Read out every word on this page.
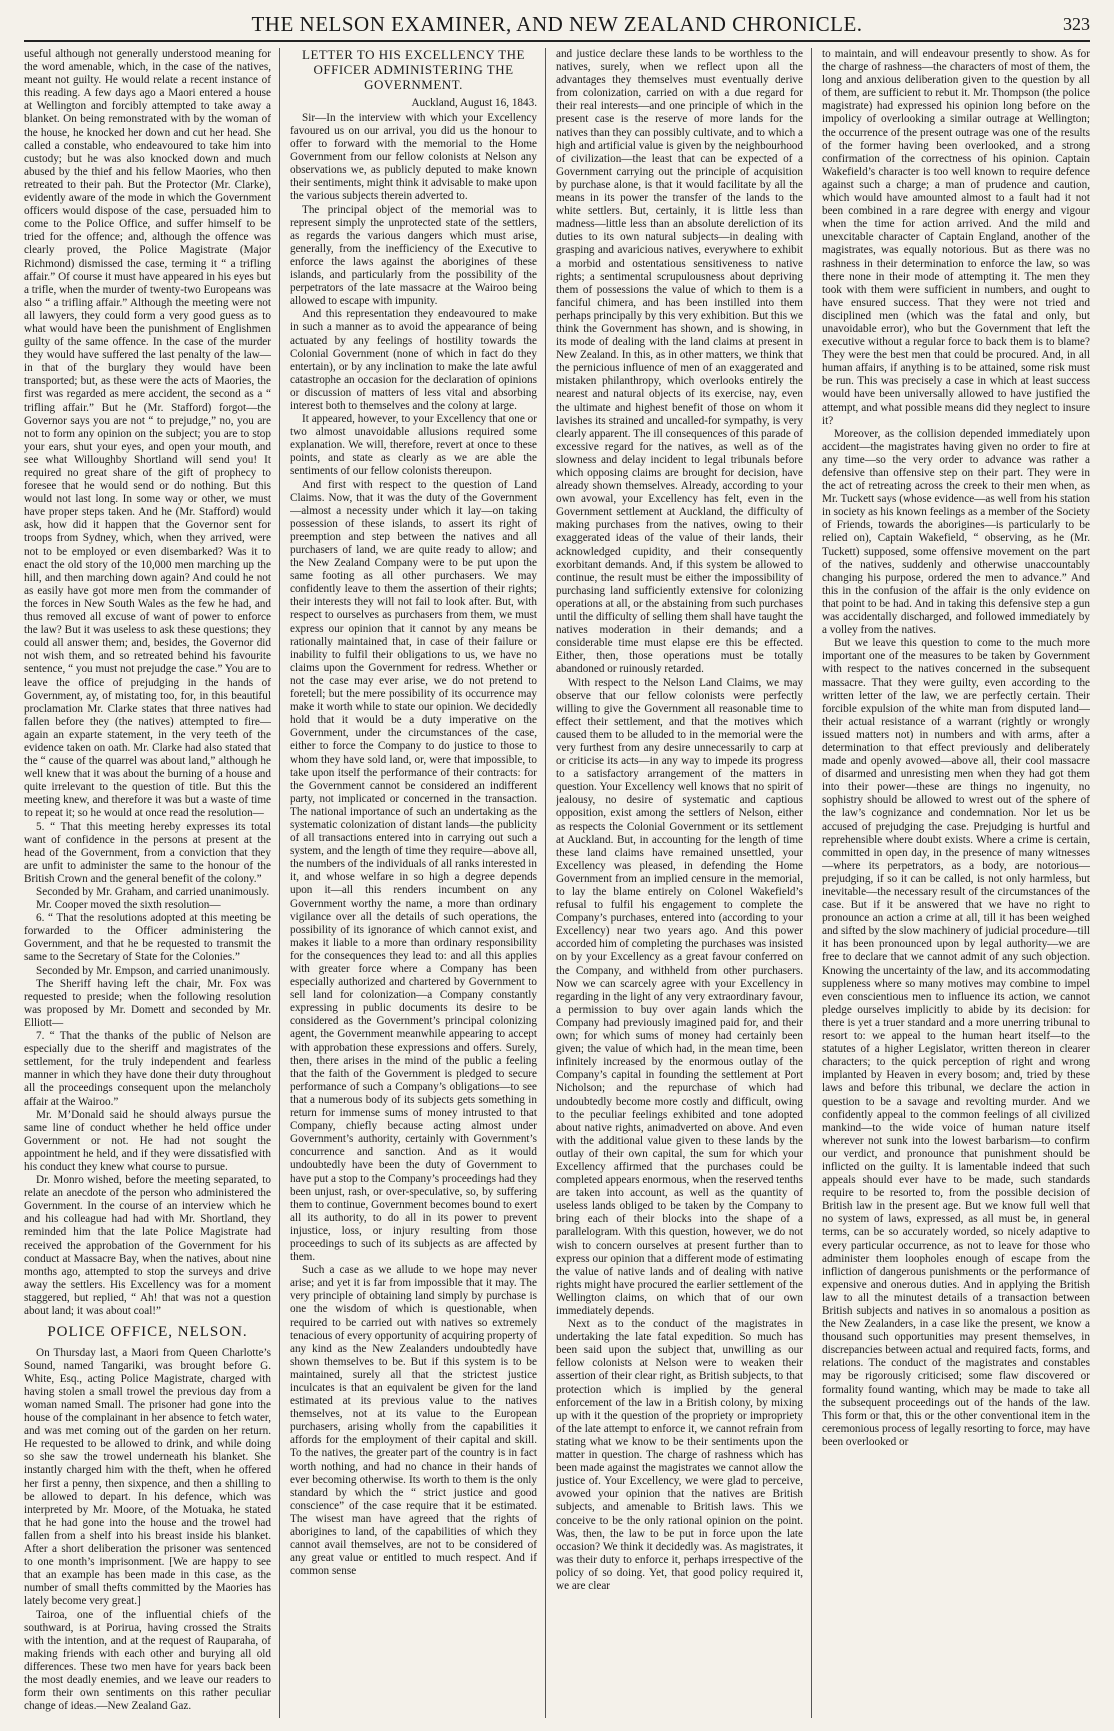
THE NELSON EXAMINER, AND NEW ZEALAND CHRONICLE.	323

useful although not generally understood meaning for the word amenable, which, in the case of the natives, meant not guilty. He would relate a recent instance of this reading. A few days ago a Maori entered a house at Wellington and forcibly attempted to take away a blanket. On being remonstrated with by the woman of the house, he knocked her down and cut her head. She called a constable, who endeavoured to take him into custody; but he was also knocked down and much abused by the thief and his fellow Maories, who then retreated to their pah. But the Protector (Mr. Clarke), evidently aware of the mode in which the Government officers would dispose of the case, persuaded him to come to the Police Office, and suffer himself to be tried for the offence; and, although the offence was clearly proved, the Police Magistrate (Major Richmond) dismissed the case, terming it “ a trifling affair.” Of course it must have appeared in his eyes but a trifle, when the murder of twenty-two Europeans was also “ a trifling affair.” Although the meeting were not all lawyers, they could form a very good guess as to what would have been the punishment of Englishmen guilty of the same offence. In the case of the murder they would have suffered the last penalty of the law—in that of the burglary they would have been transported; but, as these were the acts of Maories, the first was regarded as mere accident, the second as a “ trifling affair.” But he (Mr. Stafford) forgot—the Governor says you are not “ to prejudge,” no, you are not to form any opinion on the subject; you are to stop your ears, shut your eyes, and open your mouth, and see what Willoughby Shortland will send you! It required no great share of the gift of prophecy to foresee that he would send or do nothing. But this would not last long. In some way or other, we must have proper steps taken. And he (Mr. Stafford) would ask, how did it happen that the Governor sent for troops from Sydney, which, when they arrived, were not to be employed or even disembarked? Was it to enact the old story of the 10,000 men marching up the hill, and then marching down again? And could he not as easily have got more men from the commander of the forces in New South Wales as the few he had, and thus removed all excuse of want of power to enforce the law? But it was useless to ask these questions; they could all answer them; and, besides, the Governor did not wish them, and so retreated behind his favourite sentence, “ you must not prejudge the case.” You are to leave the office of prejudging in the hands of Government, ay, of mistating too, for, in this beautiful proclamation Mr. Clarke states that three natives had fallen before they (the natives) attempted to fire—again an exparte statement, in the very teeth of the evidence taken on oath. Mr. Clarke had also stated that the “ cause of the quarrel was about land,” although he well knew that it was about the burning of a house and quite irrelevant to the question of title. But this the meeting knew, and therefore it was but a waste of time to repeat it; so he would at once read the resolution—

5. “ That this meeting hereby expresses its total want of confidence in the persons at present at the head of the Government, from a conviction that they are unfit to administer the same to the honour of the British Crown and the general benefit of the colony.”

Seconded by Mr. Graham, and carried unanimously.

Mr. Cooper moved the sixth resolution—

6. “ That the resolutions adopted at this meeting be forwarded to the Officer administering the Government, and that he be requested to transmit the same to the Secretary of State for the Colonies.”

Seconded by Mr. Empson, and carried unanimously.

The Sheriff having left the chair, Mr. Fox was requested to preside; when the following resolution was proposed by Mr. Domett and seconded by Mr. Elliott—

7. “ That the thanks of the public of Nelson are especially due to the sheriff and magistrates of the settlement, for the truly independent and fearless manner in which they have done their duty throughout all the proceedings consequent upon the melancholy affair at the Wairoo.”

Mr. M’Donald said he should always pursue the same line of conduct whether he held office under Government or not. He had not sought the appointment he held, and if they were dissatisfied with his conduct they knew what course to pursue.

Dr. Monro wished, before the meeting separated, to relate an anecdote of the person who administered the Government. In the course of an interview which he and his colleague had had with Mr. Shortland, they reminded him that the late Police Magistrate had received the approbation of the Government for his conduct at Massacre Bay, when the natives, about nine months ago, attempted to stop the surveys and drive away the settlers. His Excellency was for a moment staggered, but replied, “ Ah! that was not a question about land; it was about coal!”

POLICE OFFICE, NELSON.

On Thursday last, a Maori from Queen Charlotte’s Sound, named Tangariki, was brought before G. White, Esq., acting Police Magistrate, charged with having stolen a small trowel the previous day from a woman named Small. The prisoner had gone into the house of the complainant in her absence to fetch water, and was met coming out of the garden on her return. He requested to be allowed to drink, and while doing so she saw the trowel underneath his blanket. She instantly charged him with the theft, when he offered her first a penny, then sixpence, and then a shilling to be allowed to depart. In his defence, which was interpreted by Mr. Moore, of the Motuaka, he stated that he had gone into the house and the trowel had fallen from a shelf into his breast inside his blanket. After a short deliberation the prisoner was sentenced to one month’s imprisonment. [We are happy to see that an example has been made in this case, as the number of small thefts committed by the Maories has lately become very great.]

Tairoa, one of the influential chiefs of the southward, is at Porirua, having crossed the Straits with the intention, and at the request of Rauparaha, of making friends with each other and burying all old differences. These two men have for years back been the most deadly enemies, and we leave our readers to form their own sentiments on this rather peculiar change of ideas.—New Zealand Gaz.

LETTER TO HIS EXCELLENCY THE OFFICER ADMINISTERING THE GOVERNMENT.
Auckland, August 16, 1843.

Sir—In the interview with which your Excellency favoured us on our arrival, you did us the honour to offer to forward with the memorial to the Home Government from our fellow colonists at Nelson any observations we, as publicly deputed to make known their sentiments, might think it advisable to make upon the various subjects therein adverted to.

The principal object of the memorial was to represent simply the unprotected state of the settlers, as regards the various dangers which must arise, generally, from the inefficiency of the Executive to enforce the laws against the aborigines of these islands, and particularly from the possibility of the perpetrators of the late massacre at the Wairoo being allowed to escape with impunity.

And this representation they endeavoured to make in such a manner as to avoid the appearance of being actuated by any feelings of hostility towards the Colonial Government (none of which in fact do they entertain), or by any inclination to make the late awful catastrophe an occasion for the declaration of opinions or discussion of matters of less vital and absorbing interest both to themselves and the colony at large.

It appeared, however, to your Excellency that one or two almost unavoidable allusions required some explanation. We will, therefore, revert at once to these points, and state as clearly as we are able the sentiments of our fellow colonists thereupon.

And first with respect to the question of Land Claims. Now, that it was the duty of the Government—almost a necessity under which it lay—on taking possession of these islands, to assert its right of preemption and step between the natives and all purchasers of land, we are quite ready to allow; and the New Zealand Company were to be put upon the same footing as all other purchasers. We may confidently leave to them the assertion of their rights; their interests they will not fail to look after. But, with respect to ourselves as purchasers from them, we must express our opinion that it cannot by any means be rationally maintained that, in case of their failure or inability to fulfil their obligations to us, we have no claims upon the Government for redress. Whether or not the case may ever arise, we do not pretend to foretell; but the mere possibility of its occurrence may make it worth while to state our opinion. We decidedly hold that it would be a duty imperative on the Government, under the circumstances of the case, either to force the Company to do justice to those to whom they have sold land, or, were that impossible, to take upon itself the performance of their contracts: for the Government cannot be considered an indifferent party, not implicated or concerned in the transaction. The national importance of such an undertaking as the systematic colonization of distant lands—the publicity of all transactions entered into in carrying out such a system, and the length of time they require—above all, the numbers of the individuals of all ranks interested in it, and whose welfare in so high a degree depends upon it—all this renders incumbent on any Government worthy the name, a more than ordinary vigilance over all the details of such operations, the possibility of its ignorance of which cannot exist, and makes it liable to a more than ordinary responsibility for the consequences they lead to: and all this applies with greater force where a Company has been especially authorized and chartered by Government to sell land for colonization—a Company constantly expressing in public documents its desire to be considered as the Government’s principal colonizing agent, the Government meanwhile appearing to accept with approbation these expressions and offers. Surely, then, there arises in the mind of the public a feeling that the faith of the Government is pledged to secure performance of such a Company’s obligations—to see that a numerous body of its subjects gets something in return for immense sums of money intrusted to that Company, chiefly because acting almost under Government’s authority, certainly with Government’s concurrence and sanction. And as it would undoubtedly have been the duty of Government to have put a stop to the Company’s proceedings had they been unjust, rash, or over-speculative, so, by suffering them to continue, Government becomes bound to exert all its authority, to do all in its power to prevent injustice, loss, or injury resulting from those proceedings to such of its subjects as are affected by them.

Such a case as we allude to we hope may never arise; and yet it is far from impossible that it may. The very principle of obtaining land simply by purchase is one the wisdom of which is questionable, when required to be carried out with natives so extremely tenacious of every opportunity of acquiring property of any kind as the New Zealanders undoubtedly have shown themselves to be. But if this system is to be maintained, surely all that the strictest justice inculcates is that an equivalent be given for the land estimated at its previous value to the natives themselves, not at its value to the European purchasers, arising wholly from the capabilities it affords for the employment of their capital and skill. To the natives, the greater part of the country is in fact worth nothing, and had no chance in their hands of ever becoming otherwise. Its worth to them is the only standard by which the “ strict justice and good conscience” of the case require that it be estimated. The wisest man have agreed that the rights of aborigines to land, of the capabilities of which they cannot avail themselves, are not to be considered of any great value or entitled to much respect. And if common sense

and justice declare these lands to be worthless to the natives, surely, when we reflect upon all the advantages they themselves must eventually derive from colonization, carried on with a due regard for their real interests—and one principle of which in the present case is the reserve of more lands for the natives than they can possibly cultivate, and to which a high and artificial value is given by the neighbourhood of civilization—the least that can be expected of a Government carrying out the principle of acquisition by purchase alone, is that it would facilitate by all the means in its power the transfer of the lands to the white settlers. But, certainly, it is little less than madness—little less than an absolute dereliction of its duties to its own natural subjects—in dealing with grasping and avaricious natives, everywhere to exhibit a morbid and ostentatious sensitiveness to native rights; a sentimental scrupulousness about depriving them of possessions the value of which to them is a fanciful chimera, and has been instilled into them perhaps principally by this very exhibition. But this we think the Government has shown, and is showing, in its mode of dealing with the land claims at present in New Zealand. In this, as in other matters, we think that the pernicious influence of men of an exaggerated and mistaken philanthropy, which overlooks entirely the nearest and natural objects of its exercise, nay, even the ultimate and highest benefit of those on whom it lavishes its strained and uncalled-for sympathy, is very clearly apparent. The ill consequences of this parade of excessive regard for the natives, as well as of the slowness and delay incident to legal tribunals before which opposing claims are brought for decision, have already shown themselves. Already, according to your own avowal, your Excellency has felt, even in the Government settlement at Auckland, the difficulty of making purchases from the natives, owing to their exaggerated ideas of the value of their lands, their acknowledged cupidity, and their consequently exorbitant demands. And, if this system be allowed to continue, the result must be either the impossibility of purchasing land sufficiently extensive for colonizing operations at all, or the abstaining from such purchases until the difficulty of selling them shall have taught the natives moderation in their demands; and a considerable time must elapse ere this be effected. Either, then, those operations must be totally abandoned or ruinously retarded.

With respect to the Nelson Land Claims, we may observe that our fellow colonists were perfectly willing to give the Government all reasonable time to effect their settlement, and that the motives which caused them to be alluded to in the memorial were the very furthest from any desire unnecessarily to carp at or criticise its acts—in any way to impede its progress to a satisfactory arrangement of the matters in question. Your Excellency well knows that no spirit of jealousy, no desire of systematic and captious opposition, exist among the settlers of Nelson, either as respects the Colonial Government or its settlement at Auckland. But, in accounting for the length of time these land claims have remained unsettled, your Excellency was pleased, in defending the Home Government from an implied censure in the memorial, to lay the blame entirely on Colonel Wakefield’s refusal to fulfil his engagement to complete the Company’s purchases, entered into (according to your Excellency) near two years ago. And this power accorded him of completing the purchases was insisted on by your Excellency as a great favour conferred on the Company, and withheld from other purchasers. Now we can scarcely agree with your Excellency in regarding in the light of any very extraordinary favour, a permission to buy over again lands which the Company had previously imagined paid for, and their own; for which sums of money had certainly been given; the value of which had, in the mean time, been infinitely increased by the enormous outlay of the Company’s capital in founding the settlement at Port Nicholson; and the repurchase of which had undoubtedly become more costly and difficult, owing to the peculiar feelings exhibited and tone adopted about native rights, animadverted on above. And even with the additional value given to these lands by the outlay of their own capital, the sum for which your Excellency affirmed that the purchases could be completed appears enormous, when the reserved tenths are taken into account, as well as the quantity of useless lands obliged to be taken by the Company to bring each of their blocks into the shape of a parallelogram. With this question, however, we do not wish to concern ourselves at present further than to express our opinion that a different mode of estimating the value of native lands and of dealing with native rights might have procured the earlier settlement of the Wellington claims, on which that of our own immediately depends.

Next as to the conduct of the magistrates in undertaking the late fatal expedition. So much has been said upon the subject that, unwilling as our fellow colonists at Nelson were to weaken their assertion of their clear right, as British subjects, to that protection which is implied by the general enforcement of the law in a British colony, by mixing up with it the question of the propriety or impropriety of the late attempt to enforce it, we cannot refrain from stating what we know to be their sentiments upon the matter in question. The charge of rashness which has been made against the magistrates we cannot allow the justice of. Your Excellency, we were glad to perceive, avowed your opinion that the natives are British subjects, and amenable to British laws. This we conceive to be the only rational opinion on the point. Was, then, the law to be put in force upon the late occasion? We think it decidedly was. As magistrates, it was their duty to enforce it, perhaps irrespective of the policy of so doing. Yet, that good policy required it, we are clear

to maintain, and will endeavour presently to show. As for the charge of rashness—the characters of most of them, the long and anxious deliberation given to the question by all of them, are sufficient to rebut it. Mr. Thompson (the police magistrate) had expressed his opinion long before on the impolicy of overlooking a similar outrage at Wellington; the occurrence of the present outrage was one of the results of the former having been overlooked, and a strong confirmation of the correctness of his opinion. Captain Wakefield’s character is too well known to require defence against such a charge; a man of prudence and caution, which would have amounted almost to a fault had it not been combined in a rare degree with energy and vigour when the time for action arrived. And the mild and unexcitable character of Captain England, another of the magistrates, was equally notorious. But as there was no rashness in their determination to enforce the law, so was there none in their mode of attempting it. The men they took with them were sufficient in numbers, and ought to have ensured success. That they were not tried and disciplined men (which was the fatal and only, but unavoidable error), who but the Government that left the executive without a regular force to back them is to blame? They were the best men that could be procured. And, in all human affairs, if anything is to be attained, some risk must be run. This was precisely a case in which at least success would have been universally allowed to have justified the attempt, and what possible means did they neglect to insure it?

Moreover, as the collision depended immediately upon accident—the magistrates having given no order to fire at any time—so the very order to advance was rather a defensive than offensive step on their part. They were in the act of retreating across the creek to their men when, as Mr. Tuckett says (whose evidence—as well from his station in society as his known feelings as a member of the Society of Friends, towards the aborigines—is particularly to be relied on), Captain Wakefield, “ observing, as he (Mr. Tuckett) supposed, some offensive movement on the part of the natives, suddenly and otherwise unaccountably changing his purpose, ordered the men to advance.” And this in the confusion of the affair is the only evidence on that point to be had. And in taking this defensive step a gun was accidentally discharged, and followed immediately by a volley from the natives.

But we leave this question to come to the much more important one of the measures to be taken by Government with respect to the natives concerned in the subsequent massacre. That they were guilty, even according to the written letter of the law, we are perfectly certain. Their forcible expulsion of the white man from disputed land—their actual resistance of a warrant (rightly or wrongly issued matters not) in numbers and with arms, after a determination to that effect previously and deliberately made and openly avowed—above all, their cool massacre of disarmed and unresisting men when they had got them into their power—these are things no ingenuity, no sophistry should be allowed to wrest out of the sphere of the law’s cognizance and condemnation. Nor let us be accused of prejudging the case. Prejudging is hurtful and reprehensible where doubt exists. Where a crime is certain, committed in open day, in the presence of many witnesses—where its perpetrators, as a body, are notorious—prejudging, if so it can be called, is not only harmless, but inevitable—the necessary result of the circumstances of the case. But if it be answered that we have no right to pronounce an action a crime at all, till it has been weighed and sifted by the slow machinery of judicial procedure—till it has been pronounced upon by legal authority—we are free to declare that we cannot admit of any such objection. Knowing the uncertainty of the law, and its accommodating suppleness where so many motives may combine to impel even conscientious men to influence its action, we cannot pledge ourselves implicitly to abide by its decision: for there is yet a truer standard and a more unerring tribunal to resort to: we appeal to the human heart itself—to the statutes of a higher Legislator, written thereon in clearer characters; to the quick perception of right and wrong implanted by Heaven in every bosom; and, tried by these laws and before this tribunal, we declare the action in question to be a savage and revolting murder. And we confidently appeal to the common feelings of all civilized mankind—to the wide voice of human nature itself wherever not sunk into the lowest barbarism—to confirm our verdict, and pronounce that punishment should be inflicted on the guilty. It is lamentable indeed that such appeals should ever have to be made, such standards require to be resorted to, from the possible decision of British law in the present age. But we know full well that no system of laws, expressed, as all must be, in general terms, can be so accurately worded, so nicely adaptive to every particular occurrence, as not to leave for those who administer them loopholes enough of escape from the infliction of dangerous punishments or the performance of expensive and onerous duties. And in applying the British law to all the minutest details of a transaction between British subjects and natives in so anomalous a position as the New Zealanders, in a case like the present, we know a thousand such opportunities may present themselves, in discrepancies between actual and required facts, forms, and relations. The conduct of the magistrates and constables may be rigorously criticised; some flaw discovered or formality found wanting, which may be made to take all the subsequent proceedings out of the hands of the law. This form or that, this or the other conventional item in the ceremonious process of legally resorting to force, may have been overlooked or
